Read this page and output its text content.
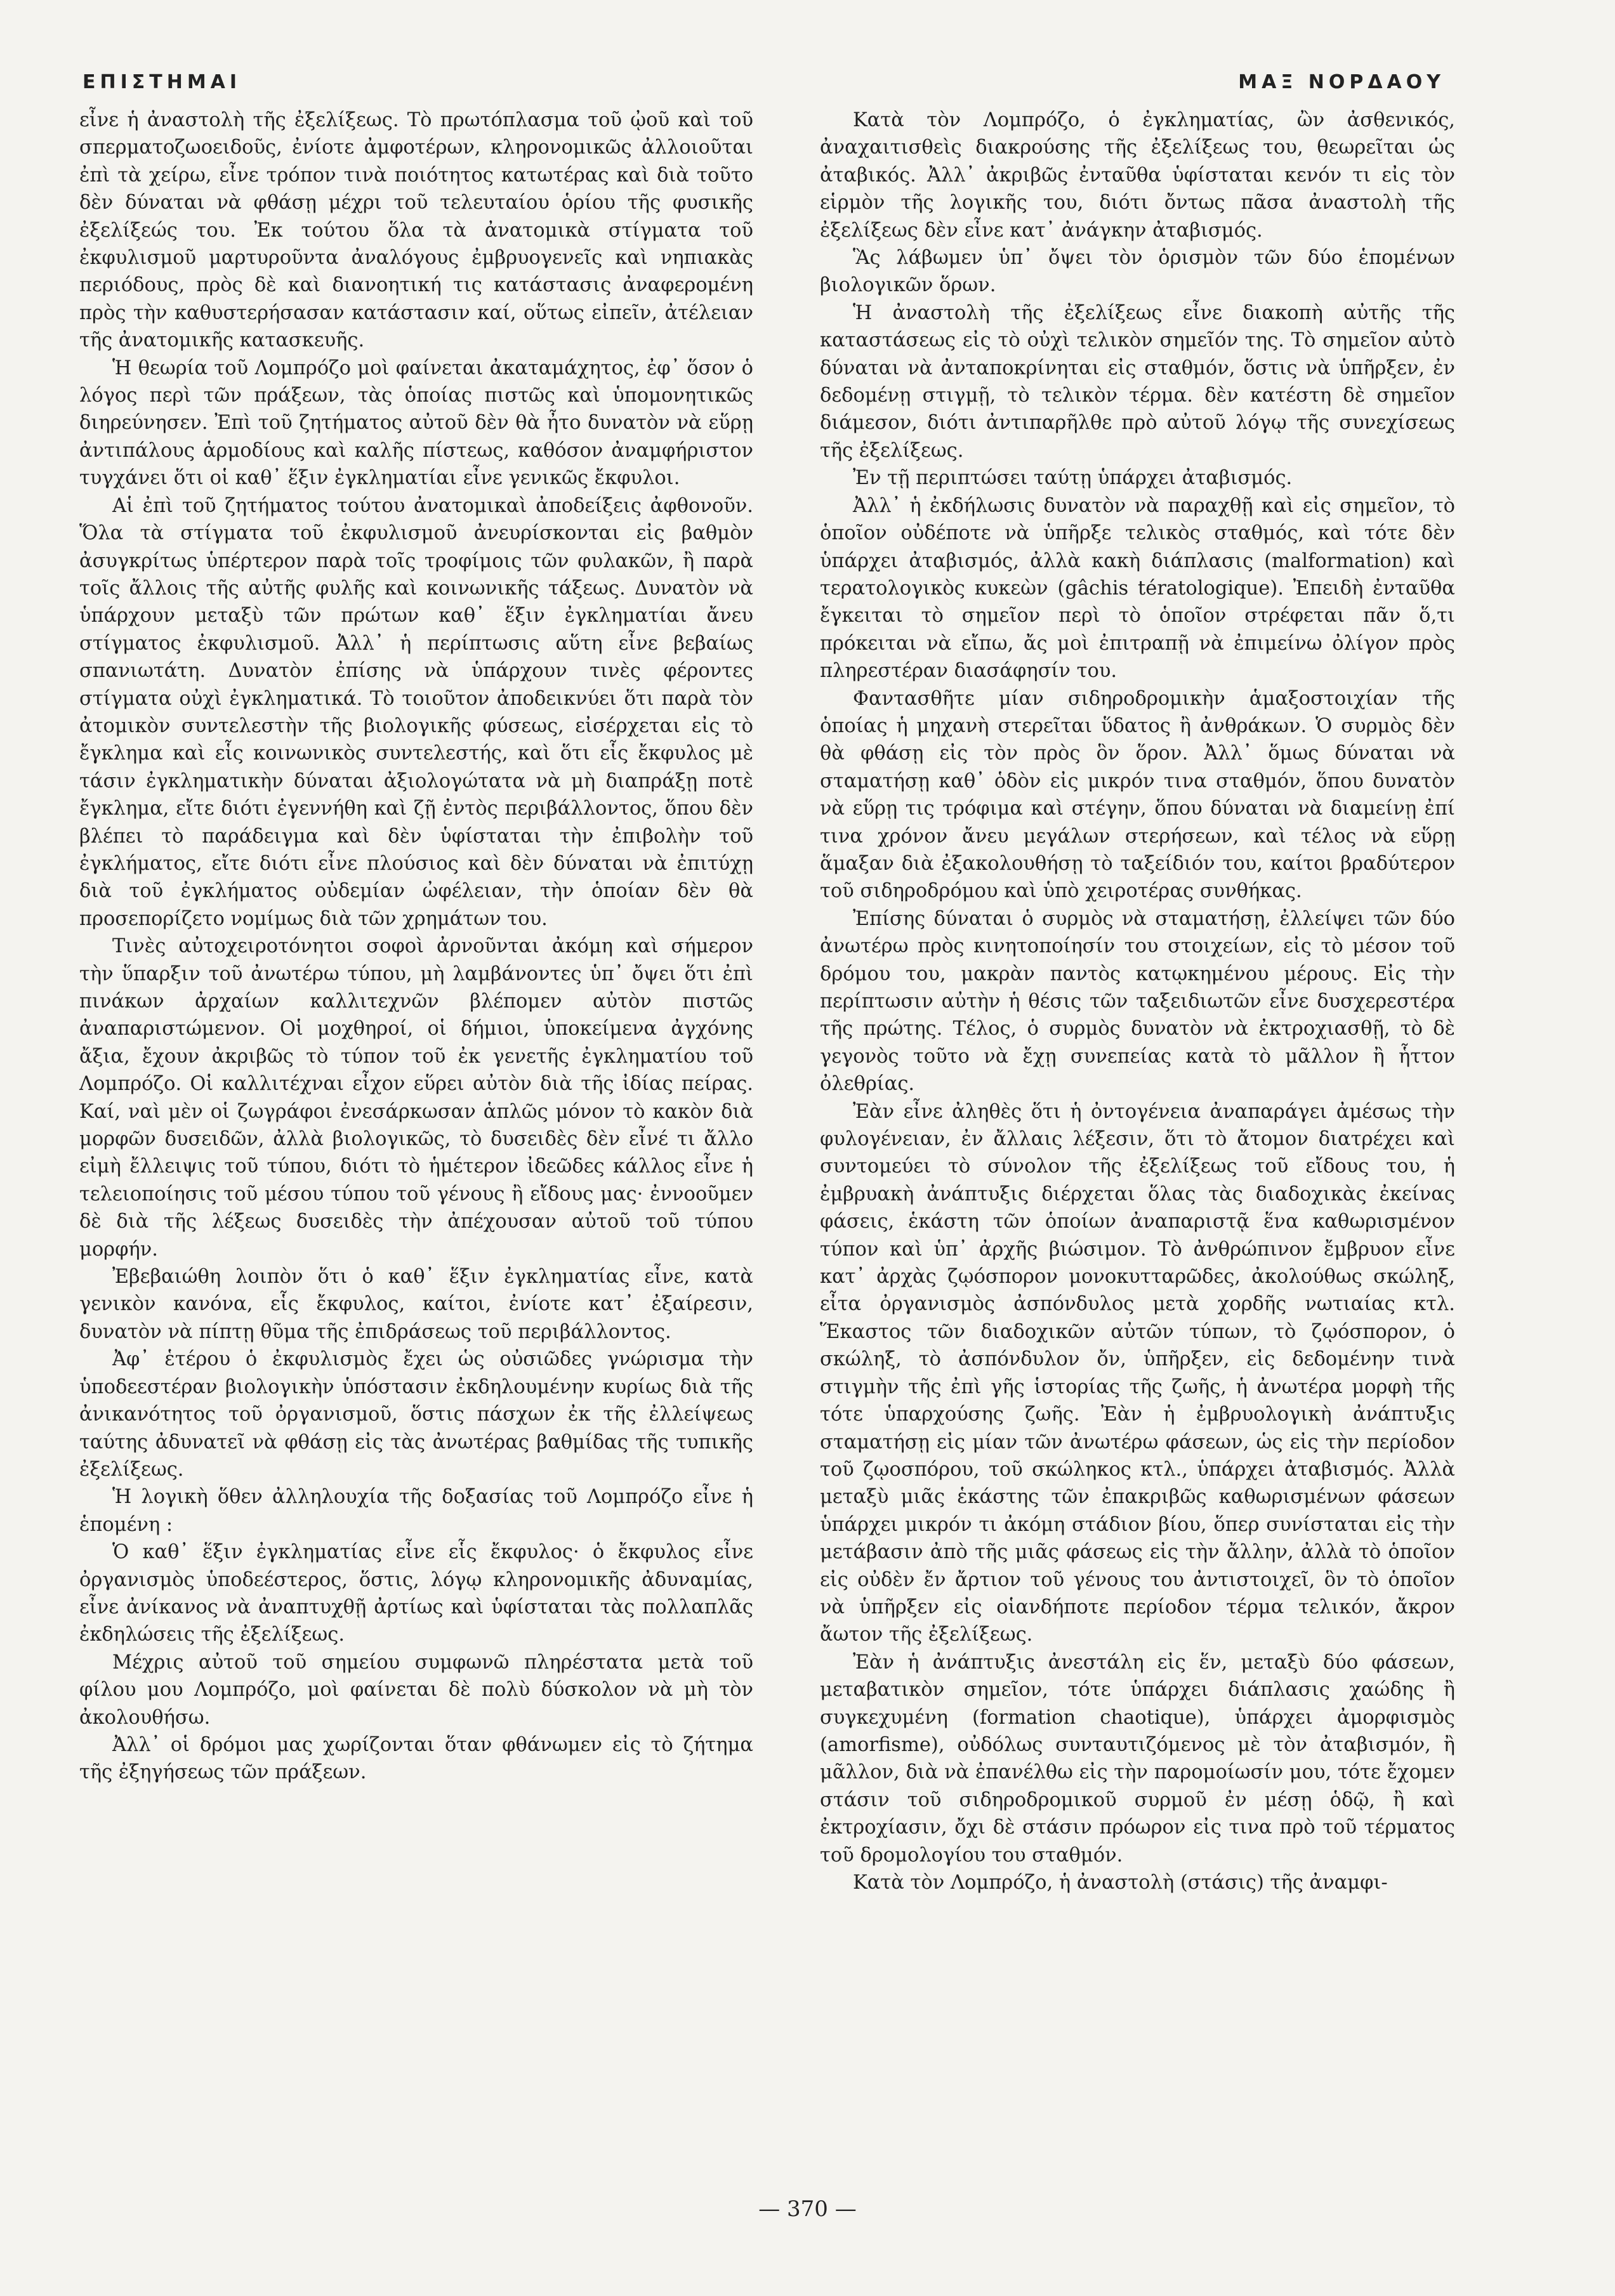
ΕΠΙΣΤΗΜΑΙ	ΜΑΞ ΝΟΡΔΑΟΥ

εἶνε ἡ ἀναστολὴ τῆς ἐξελίξεως. Τὸ πρωτόπλασμα τοῦ ᾠοῦ καὶ τοῦ σπερματοζωοειδοῦς, ἐνίοτε ἀμφοτέρων, κληρονομικῶς ἀλλοιοῦται ἐπὶ τὰ χείρω, εἶνε τρόπον τινὰ ποιότητος κατωτέρας καὶ διὰ τοῦτο δὲν δύναται νὰ φθάσῃ μέχρι τοῦ τελευταίου ὁρίου τῆς φυσικῆς ἐξελίξεώς του. Ἐκ τούτου ὅλα τὰ ἀνατομικὰ στίγματα τοῦ ἐκφυλισμοῦ μαρτυροῦντα ἀναλόγους ἐμβρυογενεῖς καὶ νηπιακὰς περιόδους, πρὸς δὲ καὶ διανοητική τις κατάστασις ἀναφερομένη πρὸς τὴν καθυστερήσασαν κατάστασιν καί, οὕτως εἰπεῖν, ἀτέλειαν τῆς ἀνατομικῆς κατασκευῆς.

Ἡ θεωρία τοῦ Λομπρόζο μοὶ φαίνεται ἀκαταμάχητος, ἐφ᾽ ὅσον ὁ λόγος περὶ τῶν πράξεων, τὰς ὁποίας πιστῶς καὶ ὑπομονητικῶς διηρεύνησεν. Ἐπὶ τοῦ ζητήματος αὐτοῦ δὲν θὰ ἦτο δυνατὸν νὰ εὕρῃ ἀντιπάλους ἁρμοδίους καὶ καλῆς πίστεως, καθόσον ἀναμφήριστον τυγχάνει ὅτι οἱ καθ᾽ ἕξιν ἐγκληματίαι εἶνε γενικῶς ἔκφυλοι.

Αἱ ἐπὶ τοῦ ζητήματος τούτου ἀνατομικαὶ ἀποδείξεις ἀφθονοῦν. Ὅλα τὰ στίγματα τοῦ ἐκφυλισμοῦ ἀνευρίσκονται εἰς βαθμὸν ἀσυγκρίτως ὑπέρτερον παρὰ τοῖς τροφίμοις τῶν φυλακῶν, ἢ παρὰ τοῖς ἄλλοις τῆς αὐτῆς φυλῆς καὶ κοινωνικῆς τάξεως. Δυνατὸν νὰ ὑπάρχουν μεταξὺ τῶν πρώτων καθ᾽ ἕξιν ἐγκληματίαι ἄνευ στίγματος ἐκφυλισμοῦ. Ἀλλ᾽ ἡ περίπτωσις αὕτη εἶνε βεβαίως σπανιωτάτη. Δυνατὸν ἐπίσης νὰ ὑπάρχουν τινὲς φέροντες στίγματα οὐχὶ ἐγκληματικά. Τὸ τοιοῦτον ἀποδεικνύει ὅτι παρὰ τὸν ἀτομικὸν συντελεστὴν τῆς βιολογικῆς φύσεως, εἰσέρχεται εἰς τὸ ἔγκλημα καὶ εἷς κοινωνικὸς συντελεστής, καὶ ὅτι εἷς ἔκφυλος μὲ τάσιν ἐγκληματικὴν δύναται ἀξιολογώτατα νὰ μὴ διαπράξῃ ποτὲ ἔγκλημα, εἴτε διότι ἐγεννήθη καὶ ζῇ ἐντὸς περιβάλλοντος, ὅπου δὲν βλέπει τὸ παράδειγμα καὶ δὲν ὑφίσταται τὴν ἐπιβολὴν τοῦ ἐγκλήματος, εἴτε διότι εἶνε πλούσιος καὶ δὲν δύναται νὰ ἐπιτύχῃ διὰ τοῦ ἐγκλήματος οὐδεμίαν ὠφέλειαν, τὴν ὁποίαν δὲν θὰ προσεπορίζετο νομίμως διὰ τῶν χρημάτων του.

Τινὲς αὐτοχειροτόνητοι σοφοὶ ἀρνοῦνται ἀκόμη καὶ σήμερον τὴν ὕπαρξιν τοῦ ἀνωτέρω τύπου, μὴ λαμβάνοντες ὑπ᾽ ὄψει ὅτι ἐπὶ πινάκων ἀρχαίων καλλιτεχνῶν βλέπομεν αὐτὸν πιστῶς ἀναπαριστώμενον. Οἱ μοχθηροί, οἱ δήμιοι, ὑποκείμενα ἀγχόνης ἄξια, ἔχουν ἀκριβῶς τὸ τύπον τοῦ ἐκ γενετῆς ἐγκληματίου τοῦ Λομπρόζο. Οἱ καλλιτέχναι εἶχον εὕρει αὐτὸν διὰ τῆς ἰδίας πείρας. Καί, ναὶ μὲν οἱ ζωγράφοι ἐνεσάρκωσαν ἁπλῶς μόνον τὸ κακὸν διὰ μορφῶν δυσειδῶν, ἀλλὰ βιολογικῶς, τὸ δυσειδὲς δὲν εἶνέ τι ἄλλο εἰμὴ ἔλλειψις τοῦ τύπου, διότι τὸ ἡμέτερον ἰδεῶδες κάλλος εἶνε ἡ τελειοποίησις τοῦ μέσου τύπου τοῦ γένους ἢ εἴδους μας· ἐννοοῦμεν δὲ διὰ τῆς λέξεως δυσειδὲς τὴν ἀπέχουσαν αὐτοῦ τοῦ τύπου μορφήν.

Ἐβεβαιώθη λοιπὸν ὅτι ὁ καθ᾽ ἕξιν ἐγκληματίας εἶνε, κατὰ γενικὸν κανόνα, εἷς ἔκφυλος, καίτοι, ἐνίοτε κατ᾽ ἐξαίρεσιν, δυνατὸν νὰ πίπτῃ θῦμα τῆς ἐπιδράσεως τοῦ περιβάλλοντος.

Ἀφ᾽ ἑτέρου ὁ ἐκφυλισμὸς ἔχει ὡς οὐσιῶδες γνώρισμα τὴν ὑποδεεστέραν βιολογικὴν ὑπόστασιν ἐκδηλουμένην κυρίως διὰ τῆς ἀνικανότητος τοῦ ὀργανισμοῦ, ὅστις πάσχων ἐκ τῆς ἐλλείψεως ταύτης ἀδυνατεῖ νὰ φθάσῃ εἰς τὰς ἀνωτέρας βαθμίδας τῆς τυπικῆς ἐξελίξεως.

Ἡ λογικὴ ὅθεν ἀλληλουχία τῆς δοξασίας τοῦ Λομπρόζο εἶνε ἡ ἑπομένη :

Ὁ καθ᾽ ἕξιν ἐγκληματίας εἶνε εἷς ἔκφυλος· ὁ ἔκφυλος εἶνε ὀργανισμὸς ὑποδεέστερος, ὅστις, λόγῳ κληρονομικῆς ἀδυναμίας, εἶνε ἀνίκανος νὰ ἀναπτυχθῇ ἀρτίως καὶ ὑφίσταται τὰς πολλαπλᾶς ἐκδηλώσεις τῆς ἐξελίξεως.

Μέχρις αὐτοῦ τοῦ σημείου συμφωνῶ πληρέστατα μετὰ τοῦ φίλου μου Λομπρόζο, μοὶ φαίνεται δὲ πολὺ δύσκολον νὰ μὴ τὸν ἀκολουθήσω.

Ἀλλ᾽ οἱ δρόμοι μας χωρίζονται ὅταν φθάνωμεν εἰς τὸ ζήτημα τῆς ἐξηγήσεως τῶν πράξεων.

Κατὰ τὸν Λομπρόζο, ὁ ἐγκληματίας, ὢν ἀσθενικός, ἀναχαιτισθεὶς διακρούσης τῆς ἐξελίξεως του, θεωρεῖται ὡς ἀταβικός. Ἀλλ᾽ ἀκριβῶς ἐνταῦθα ὑφίσταται κενόν τι εἰς τὸν εἱρμὸν τῆς λογικῆς του, διότι ὄντως πᾶσα ἀναστολὴ τῆς ἐξελίξεως δὲν εἶνε κατ᾽ ἀνάγκην ἀταβισμός.

Ἃς λάβωμεν ὑπ᾽ ὄψει τὸν ὁρισμὸν τῶν δύο ἑπομένων βιολογικῶν ὅρων.

Ἡ ἀναστολὴ τῆς ἐξελίξεως εἶνε διακοπὴ αὐτῆς τῆς καταστάσεως εἰς τὸ οὐχὶ τελικὸν σημεῖόν της. Τὸ σημεῖον αὐτὸ δύναται νὰ ἀνταποκρίνηται εἰς σταθμόν, ὅστις νὰ ὑπῆρξεν, ἐν δεδομένῃ στιγμῇ, τὸ τελικὸν τέρμα. δὲν κατέστη δὲ σημεῖον διάμεσον, διότι ἀντιπαρῆλθε πρὸ αὐτοῦ λόγῳ τῆς συνεχίσεως τῆς ἐξελίξεως.

Ἐν τῇ περιπτώσει ταύτῃ ὑπάρχει ἀταβισμός.

Ἀλλ᾽ ἡ ἐκδήλωσις δυνατὸν νὰ παραχθῇ καὶ εἰς σημεῖον, τὸ ὁποῖον οὐδέποτε νὰ ὑπῆρξε τελικὸς σταθμός, καὶ τότε δὲν ὑπάρχει ἀταβισμός, ἀλλὰ κακὴ διάπλασις (malformation) καὶ τερατολογικὸς κυκεὼν (gâchis tératologique). Ἐπειδὴ ἐνταῦθα ἔγκειται τὸ σημεῖον περὶ τὸ ὁποῖον στρέφεται πᾶν ὅ,τι πρόκειται νὰ εἴπω, ἄς μοὶ ἐπιτραπῇ νὰ ἐπιμείνω ὀλίγον πρὸς πληρεστέραν διασάφησίν του.

Φαντασθῆτε μίαν σιδηροδρομικὴν ἁμαξοστοιχίαν τῆς ὁποίας ἡ μηχανὴ στερεῖται ὕδατος ἢ ἀνθράκων. Ὁ συρμὸς δὲν θὰ φθάσῃ εἰς τὸν πρὸς ὃν ὅρον. Ἀλλ᾽ ὅμως δύναται νὰ σταματήσῃ καθ᾽ ὁδὸν εἰς μικρόν τινα σταθμόν, ὅπου δυνατὸν νὰ εὕρῃ τις τρόφιμα καὶ στέγην, ὅπου δύναται νὰ διαμείνῃ ἐπί τινα χρόνον ἄνευ μεγάλων στερήσεων, καὶ τέλος νὰ εὕρῃ ἅμαξαν διὰ ἐξακολουθήσῃ τὸ ταξείδιόν του, καίτοι βραδύτερον τοῦ σιδηροδρόμου καὶ ὑπὸ χειροτέρας συνθήκας.

Ἐπίσης δύναται ὁ συρμὸς νὰ σταματήσῃ, ἐλλείψει τῶν δύο ἀνωτέρω πρὸς κινητοποίησίν του στοιχείων, εἰς τὸ μέσον τοῦ δρόμου του, μακρὰν παντὸς κατῳκημένου μέρους. Εἰς τὴν περίπτωσιν αὐτὴν ἡ θέσις τῶν ταξειδιωτῶν εἶνε δυσχερεστέρα τῆς πρώτης. Τέλος, ὁ συρμὸς δυνατὸν νὰ ἐκτροχιασθῇ, τὸ δὲ γεγονὸς τοῦτο νὰ ἔχῃ συνεπείας κατὰ τὸ μᾶλλον ἢ ἧττον ὀλεθρίας.

Ἐὰν εἶνε ἀληθὲς ὅτι ἡ ὀντογένεια ἀναπαράγει ἀμέσως τὴν φυλογένειαν, ἐν ἄλλαις λέξεσιν, ὅτι τὸ ἄτομον διατρέχει καὶ συντομεύει τὸ σύνολον τῆς ἐξελίξεως τοῦ εἴδους του, ἡ ἐμβρυακὴ ἀνάπτυξις διέρχεται ὅλας τὰς διαδοχικὰς ἐκείνας φάσεις, ἑκάστη τῶν ὁποίων ἀναπαριστᾷ ἕνα καθωρισμένον τύπον καὶ ὑπ᾽ ἀρχῆς βιώσιμον. Τὸ ἀνθρώπινον ἔμβρυον εἶνε κατ᾽ ἀρχὰς ζῳόσπορον μονοκυτταρῶδες, ἀκολούθως σκώληξ, εἶτα ὀργανισμὸς ἀσπόνδυλος μετὰ χορδῆς νωτιαίας κτλ. Ἕκαστος τῶν διαδοχικῶν αὐτῶν τύπων, τὸ ζῳόσπορον, ὁ σκώληξ, τὸ ἀσπόνδυλον ὄν, ὑπῆρξεν, εἰς δεδομένην τινὰ στιγμὴν τῆς ἐπὶ γῆς ἱστορίας τῆς ζωῆς, ἡ ἀνωτέρα μορφὴ τῆς τότε ὑπαρχούσης ζωῆς. Ἐὰν ἡ ἐμβρυολογικὴ ἀνάπτυξις σταματήσῃ εἰς μίαν τῶν ἀνωτέρω φάσεων, ὡς εἰς τὴν περίοδον τοῦ ζῳοσπόρου, τοῦ σκώληκος κτλ., ὑπάρχει ἀταβισμός. Ἀλλὰ μεταξὺ μιᾶς ἑκάστης τῶν ἐπακριβῶς καθωρισμένων φάσεων ὑπάρχει μικρόν τι ἀκόμη στάδιον βίου, ὅπερ συνίσταται εἰς τὴν μετάβασιν ἀπὸ τῆς μιᾶς φάσεως εἰς τὴν ἄλλην, ἀλλὰ τὸ ὁποῖον εἰς οὐδὲν ἔν ἄρτιον τοῦ γένους του ἀντιστοιχεῖ, ὃν τὸ ὁποῖον νὰ ὑπῆρξεν εἰς οἱανδήποτε περίοδον τέρμα τελικόν, ἄκρον ἄωτον τῆς ἐξελίξεως.

Ἐὰν ἡ ἀνάπτυξις ἀνεστάλη εἰς ἕν, μεταξὺ δύο φάσεων, μεταβατικὸν σημεῖον, τότε ὑπάρχει διάπλασις χαώδης ἢ συγκεχυμένη (formation chaotique), ὑπάρχει ἀμορφισμὸς (amorfisme), οὐδόλως συνταυτιζόμενος μὲ τὸν ἀταβισμόν, ἢ μᾶλλον, διὰ νὰ ἐπανέλθω εἰς τὴν παρομοίωσίν μου, τότε ἔχομεν στάσιν τοῦ σιδηροδρομικοῦ συρμοῦ ἐν μέσῃ ὁδῷ, ἢ καὶ ἐκτροχίασιν, ὄχι δὲ στάσιν πρόωρον εἰς τινα πρὸ τοῦ τέρματος τοῦ δρομολογίου του σταθμόν.

Κατὰ τὸν Λομπρόζο, ἡ ἀναστολὴ (στάσις) τῆς ἀναμφι-

— 370 —
